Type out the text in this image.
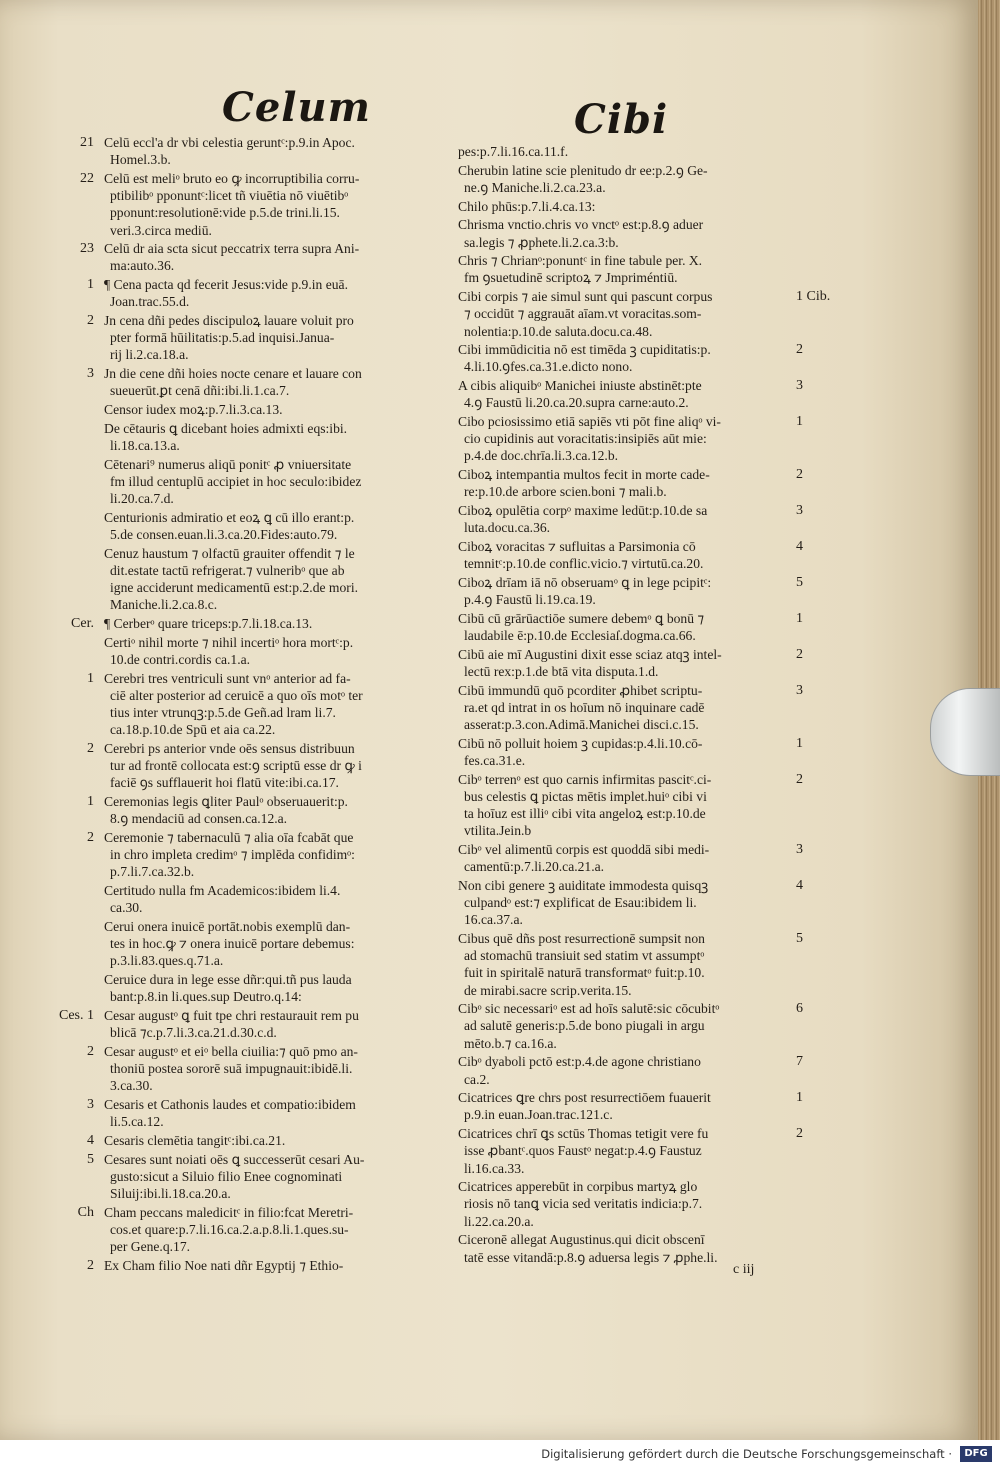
Celum	Cibi
21 Celū eccl'a dr vbi celestia geruntᶜ:p.9.in Apoc.
Homel.3.b.
22 Celū est meliᵒ bruto eo ꝙ incorruptibilia corru-
ptibilibᵒ pponuntᶜ:licet tñ viuētia nō viuētibᵒ
pponunt:resolutionē:vide p.5.de trini.li.15.
veri.3.circa mediū.
23 Celū dr aia scta sicut peccatrix terra supra Ani-
ma:auto.36.
1 ¶ Cena pacta qd fecerit Jesus:vide p.9.in euā.
Joan.trac.55.d.
2 Jn cena dñi pedes discipuloꝝ lauare voluit pro
pter formā hūilitatis:p.5.ad inquisi.Janua-
rij li.2.ca.18.a.
3 Jn die cene dñi hoies nocte cenare et lauare con
sueuerūt.ꝑt cenā dñi:ibi.li.1.ca.7.
Censor iudex moꝝ:p.7.li.3.ca.13.
De cētauris ꝗ dicebant hoies admixti eqs:ibi.
li.18.ca.13.a.
Cētenari⁹ numerus aliqū ponitᶜ ꝓ vniuersitate
fm illud centuplū accipiet in hoc seculo:ibidez
li.20.ca.7.d.
Centurionis admiratio et eoꝝ ꝗ cū illo erant:p.
5.de consen.euan.li.3.ca.20.Fides:auto.79.
Cenuz haustum ⁊ olfactū grauiter offendit ⁊ le
dit.estate tactū refrigerat.⁊ vulneribᵒ que ab
igne acciderunt medicamentū est:p.2.de mori.
Maniche.li.2.ca.8.c.
Cer. ¶ Cerberᵒ quare triceps:p.7.li.18.ca.13.
Certiᵒ nihil morte ⁊ nihil incertiᵒ hora mortᶜ:p.
10.de contri.cordis ca.1.a.
1 Cerebri tres ventriculi sunt vnᵒ anterior ad fa-
ciē alter posterior ad ceruicē a quo oīs motᵒ ter
tius inter vtrunqꝫ:p.5.de Geñ.ad lram li.7.
ca.18.p.10.de Spū et aia ca.22.
2 Cerebri ps anterior vnde oēs sensus distribuun
tur ad frontē collocata est:ꝯ scriptū esse dr ꝙ i
faciē ꝯs sufflauerit hoi flatū vite:ibi.ca.17.
1 Ceremonias legis ꝗliter Paulᵒ obseruauerit:p.
8.ꝯ mendaciū ad consen.ca.12.a.
2 Ceremonie ⁊ tabernaculū ⁊ alia oīa fcabāt que
in chro impleta credimᵒ ⁊ implēda confidimᵒ:
p.7.li.7.ca.32.b.
Certitudo nulla fm Academicos:ibidem li.4.
ca.30.
Cerui onera inuicē portāt.nobis exemplū dan-
tes in hoc.ꝙ ⁊ onera inuicē portare debemus:
p.3.li.83.ques.q.71.a.
Ceruice dura in lege esse dñr:qui.tñ pus lauda
bant:p.8.in li.ques.sup Deutro.q.14:
Ces. 1 Cesar augustᵒ ꝗ fuit tpe chri restaurauit rem pu
blicā ⁊c.p.7.li.3.ca.21.d.30.c.d.
2 Cesar augustᵒ et eiᵒ bella ciuilia:⁊ quō pmo an-
thoniū postea sororē suā impugnauit:ibidē.li.
3.ca.30.
3 Cesaris et Cathonis laudes et compatio:ibidem
li.5.ca.12.
4 Cesaris clemētia tangitᶜ:ibi.ca.21.
5 Cesares sunt noiati oēs ꝗ successerūt cesari Au-
gusto:sicut a Siluio filio Enee cognominati
Siluij:ibi.li.18.ca.20.a.
Ch Cham peccans maledicitᶜ in filio:fcat Meretri-
cos.et quare:p.7.li.16.ca.2.a.p.8.li.1.ques.su-
per Gene.q.17.
2 Ex Cham filio Noe nati dñr Egyptij ⁊ Ethio-
pes:p.7.li.16.ca.11.f.
Cherubin latine scie plenitudo dr ee:p.2.ꝯ Ge-
ne.ꝯ Maniche.li.2.ca.23.a.
Chilo phūs:p.7.li.4.ca.13:
Chrisma vnctio.chris vo vnctᵒ est:p.8.ꝯ aduer
sa.legis ⁊ ꝓphete.li.2.ca.3:b.
Chris ⁊ Chrianᵒ:ponuntᶜ in fine tabule per. X.
fm ꝯsuetudinē scriptoꝝ ⁊ Jmpriméntiū.
1 Cib.
Cibi corpis ⁊ aie simul sunt qui pascunt corpus
⁊ occidūt ⁊ aggrauāt aīam.vt voracitas.som-
nolentia:p.10.de saluta.docu.ca.48.
2
Cibi immūdicitia nō est timēda ꝫ cupiditatis:p.
4.li.10.ꝯfes.ca.31.e.dicto nono.
3
A cibis aliquibᵒ Manichei iniuste abstinēt:pte
4.ꝯ Faustū li.20.ca.20.supra carne:auto.2.
1
Cibo pciosissimo etiā sapiēs vti pōt fine aliqᵒ vi-
cio cupidinis aut voracitatis:insipiēs aūt mie:
p.4.de doc.chrīa.li.3.ca.12.b.
2
Ciboꝝ intempantia multos fecit in morte cade-
re:p.10.de arbore scien.boni ⁊ mali.b.
3
Ciboꝝ opulētia corpᵒ maxime ledūt:p.10.de sa
luta.docu.ca.36.
4
Ciboꝝ voracitas ⁊ sufluitas a Parsimonia cō
temnitᶜ:p.10.de conflic.vicio.⁊ virtutū.ca.20.
5
Ciboꝝ drīam iā nō obseruamᵒ ꝗ in lege pcipitᶜ:
p.4.ꝯ Faustū li.19.ca.19.
1
Cibū cū grārūactiōe sumere debemᵒ ꝗ bonū ⁊
laudabile ē:p.10.de Ecclesiaſ.dogma.ca.66.
2
Cibū aie mī Augustini dixit esse sciaz atqꝫ intel-
lectū rex:p.1.de btā vita disputa.1.d.
3
Cibū immundū quō pcorditer ꝓhibet scriptu-
ra.et qd intrat in os hoīum nō inquinare cadē
asserat:p.3.con.Adimā.Manichei disci.c.15.
1
Cibū nō polluit hoiem ꝫ cupidas:p.4.li.10.cō-
fes.ca.31.e.
2
Cibᵒ terrenᵒ est quo carnis infirmitas pascitᶜ.ci-
bus celestis ꝗ pictas mētis implet.huiᵒ cibi vi
ta hoīuz est illiᵒ cibi vita angeloꝝ est:p.10.de
vtilita.Jein.b
3
Cibᵒ vel alimentū corpis est quoddā sibi medi-
camentū:p.7.li.20.ca.21.a.
4
Non cibi genere ꝫ auiditate immodesta quisqꝫ
culpandᵒ est:⁊ explificat de Esau:ibidem li.
16.ca.37.a.
5
Cibus quē dñs post resurrectionē sumpsit non
ad stomachū transiuit sed statim vt assumptᵒ
fuit in spiritalē naturā transformatᵒ fuit:p.10.
de mirabi.sacre scrip.verita.15.
6
Cibᵒ sic necessariᵒ est ad hoīs salutē:sic cōcubitᵒ
ad salutē generis:p.5.de bono piugali in argu
mēto.b.⁊ ca.16.a.
7
Cibᵒ dyaboli pctō est:p.4.de agone christiano
ca.2.
1
Cicatrices ꝗre chrs post resurrectiōem fuauerit
p.9.in euan.Joan.trac.121.c.
2
Cicatrices chrī ꝗs sctūs Thomas tetigit vere fu
isse ꝓbantᶜ.quos Faustᵒ negat:p.4.ꝯ Faustuz
li.16.ca.33.
Cicatrices apperebūt in corpibus martyꝝ glo
riosis nō tanꝗ vicia sed veritatis indicia:p.7.
li.22.ca.20.a.
Ciceronē allegat Augustinus.qui dicit obscenī
tatē esse vitandā:p.8.ꝯ aduersa legis ⁊ ꝓphe.li.
c iij
Digitalisierung gefördert durch die Deutsche Forschungsgemeinschaft ·	DFG
